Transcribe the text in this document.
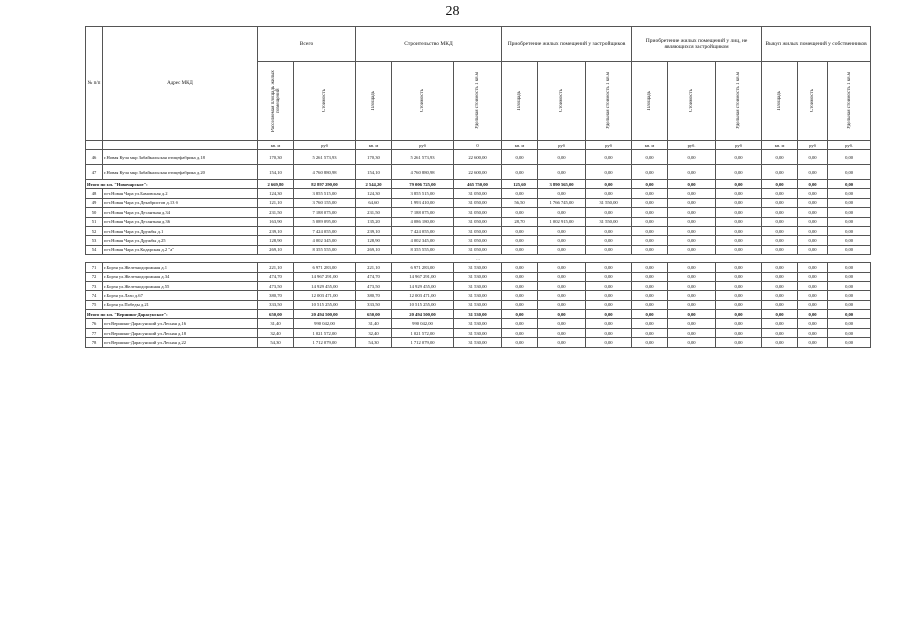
28
№ п/п	Адрес МКД	Всего		Строительство МКД			Приобретение жилых помещений у застройщиков			Приобретение жилых помещений у лиц, не являющихся застройщиком			Выкуп жилых помещений у собственников		
		Расселяемая площадь жилых помещений	Стоимость	Площадь	Стоимость	Удельная стоимость 1 кв.м	Площадь	Стоимость	Удельная стоимость 1 кв.м	Площадь	Стоимость	Удельная стоимость 1 кв.м	Площадь	Стоимость	Удельная стоимость 1 кв.м
		кв. м	руб	кв. м	руб	0	кв. м	руб	руб	кв. м	руб.	руб	кв. м	руб	руб.
46	г.Новая Куча мкр Забайкальская птицефабрика д.18	170,30	5 261 573,93	170,30	5 261 573,93	22 600,00	0,00	0,00	0,00	0,00	0,00	0,00	0,00	0,00	0,00
47	г.Новая Куча мкр Забайкальская птицефабрика д.20	154,10	4 760 880,98	154,10	4 760 880,98	22 600,00	0,00	0,00	0,00	0,00	0,00	0,00	0,00	0,00	0,00
Итого по г.п. "Новочарское":		2 669,80	82 897 290,00	2 544,20	79 006 725,00	465 750,00	125,60	3 890 565,00	0,00	0,00	0,00	0,00	0,00	0,00	0,00
48	пгт.Новая Чара ул.Бамовская д.2	124,30	3 855 515,00	124,30	3 855 515,00	31 050,00	0,00	0,00	0,00	0,00	0,00	0,00	0,00	0,00	0,00
49	пгт.Новая Чара ул.Декабристов д.13 б	121,10	3 760 155,00	64,60	1 993 410,00	31 050,00	56,50	1 766 745,00	31 550,00	0,00	0,00	0,00	0,00	0,00	0,00
50	пгт.Новая Чара ул.Десантная д.34	231,50	7 188 075,00	231,50	7 188 075,00	31 050,00	0,00	0,00	0,00	0,00	0,00	0,00	0,00	0,00	0,00
51	пгт.Новая Чара ул.Десантная д.36	163,90	5 089 095,00	135,20	4 086 180,00	31 050,00	28,70	1 002 915,00	31 550,00	0,00	0,00	0,00	0,00	0,00	0,00
52	пгт.Новая Чара ул.Дружбы д.1	239,10	7 424 055,00	239,10	7 424 055,00	31 050,00	0,00	0,00	0,00	0,00	0,00	0,00	0,00	0,00	0,00
53	пгт.Новая Чара ул.Дружбы д.25	128,90	4 002 345,00	128,90	4 002 345,00	31 050,00	0,00	0,00	0,00	0,00	0,00	0,00	0,00	0,00	0,00
54	пгт.Новая Чара ул.Кодарская д.2 "а"	269,10	8 355 555,00	269,10	8 355 555,00	31 050,00	0,00	0,00	0,00	0,00	0,00	0,00	0,00	0,00	0,00
…															
71	г.Борзя ул.Железнодорожная д.1	221,10	6 971 283,00	221,10	6 971 283,00	31 530,00	0,00	0,00	0,00	0,00	0,00	0,00	0,00	0,00	0,00
72	г.Борзя ул.Железнодорожная д.34	474,70	14 967 291,00	474,70	14 967 291,00	31 530,00	0,00	0,00	0,00	0,00	0,00	0,00	0,00	0,00	0,00
73	г.Борзя ул.Железнодорожная д.55	473,50	14 929 455,00	473,50	14 929 455,00	31 530,00	0,00	0,00	0,00	0,00	0,00	0,00	0,00	0,00	0,00
74	г.Борзя ул.Лазо д.67	380,70	12 003 471,00	380,70	12 003 471,00	31 530,00	0,00	0,00	0,00	0,00	0,00	0,00	0,00	0,00	0,00
75	г.Борзя ул.Победы д.21	333,50	10 515 255,00	333,50	10 515 255,00	31 530,00	0,00	0,00	0,00	0,00	0,00	0,00	0,00	0,00	0,00
Итого по г.п. "Вершино-Дарасунское":		650,00	20 494 500,00	650,00	20 494 500,00	31 530,00	0,00	0,00	0,00	0,00	0,00	0,00	0,00	0,00	0,00
76	пгт.Вершино-Дарасунский ул.Лесная д.16	31,40	990 042,00	31,40	990 042,00	31 530,00	0,00	0,00	0,00	0,00	0,00	0,00	0,00	0,00	0,00
77	пгт.Вершино-Дарасунский ул.Лесная д.18	32,40	1 021 572,00	32,40	1 021 572,00	31 530,00	0,00	0,00	0,00	0,00	0,00	0,00	0,00	0,00	0,00
78	пгт.Вершино-Дарасунский ул.Лесная д.22	54,30	1 712 079,00	54,30	1 712 079,00	31 530,00	0,00	0,00	0,00	0,00	0,00	0,00	0,00	0,00	0,00
